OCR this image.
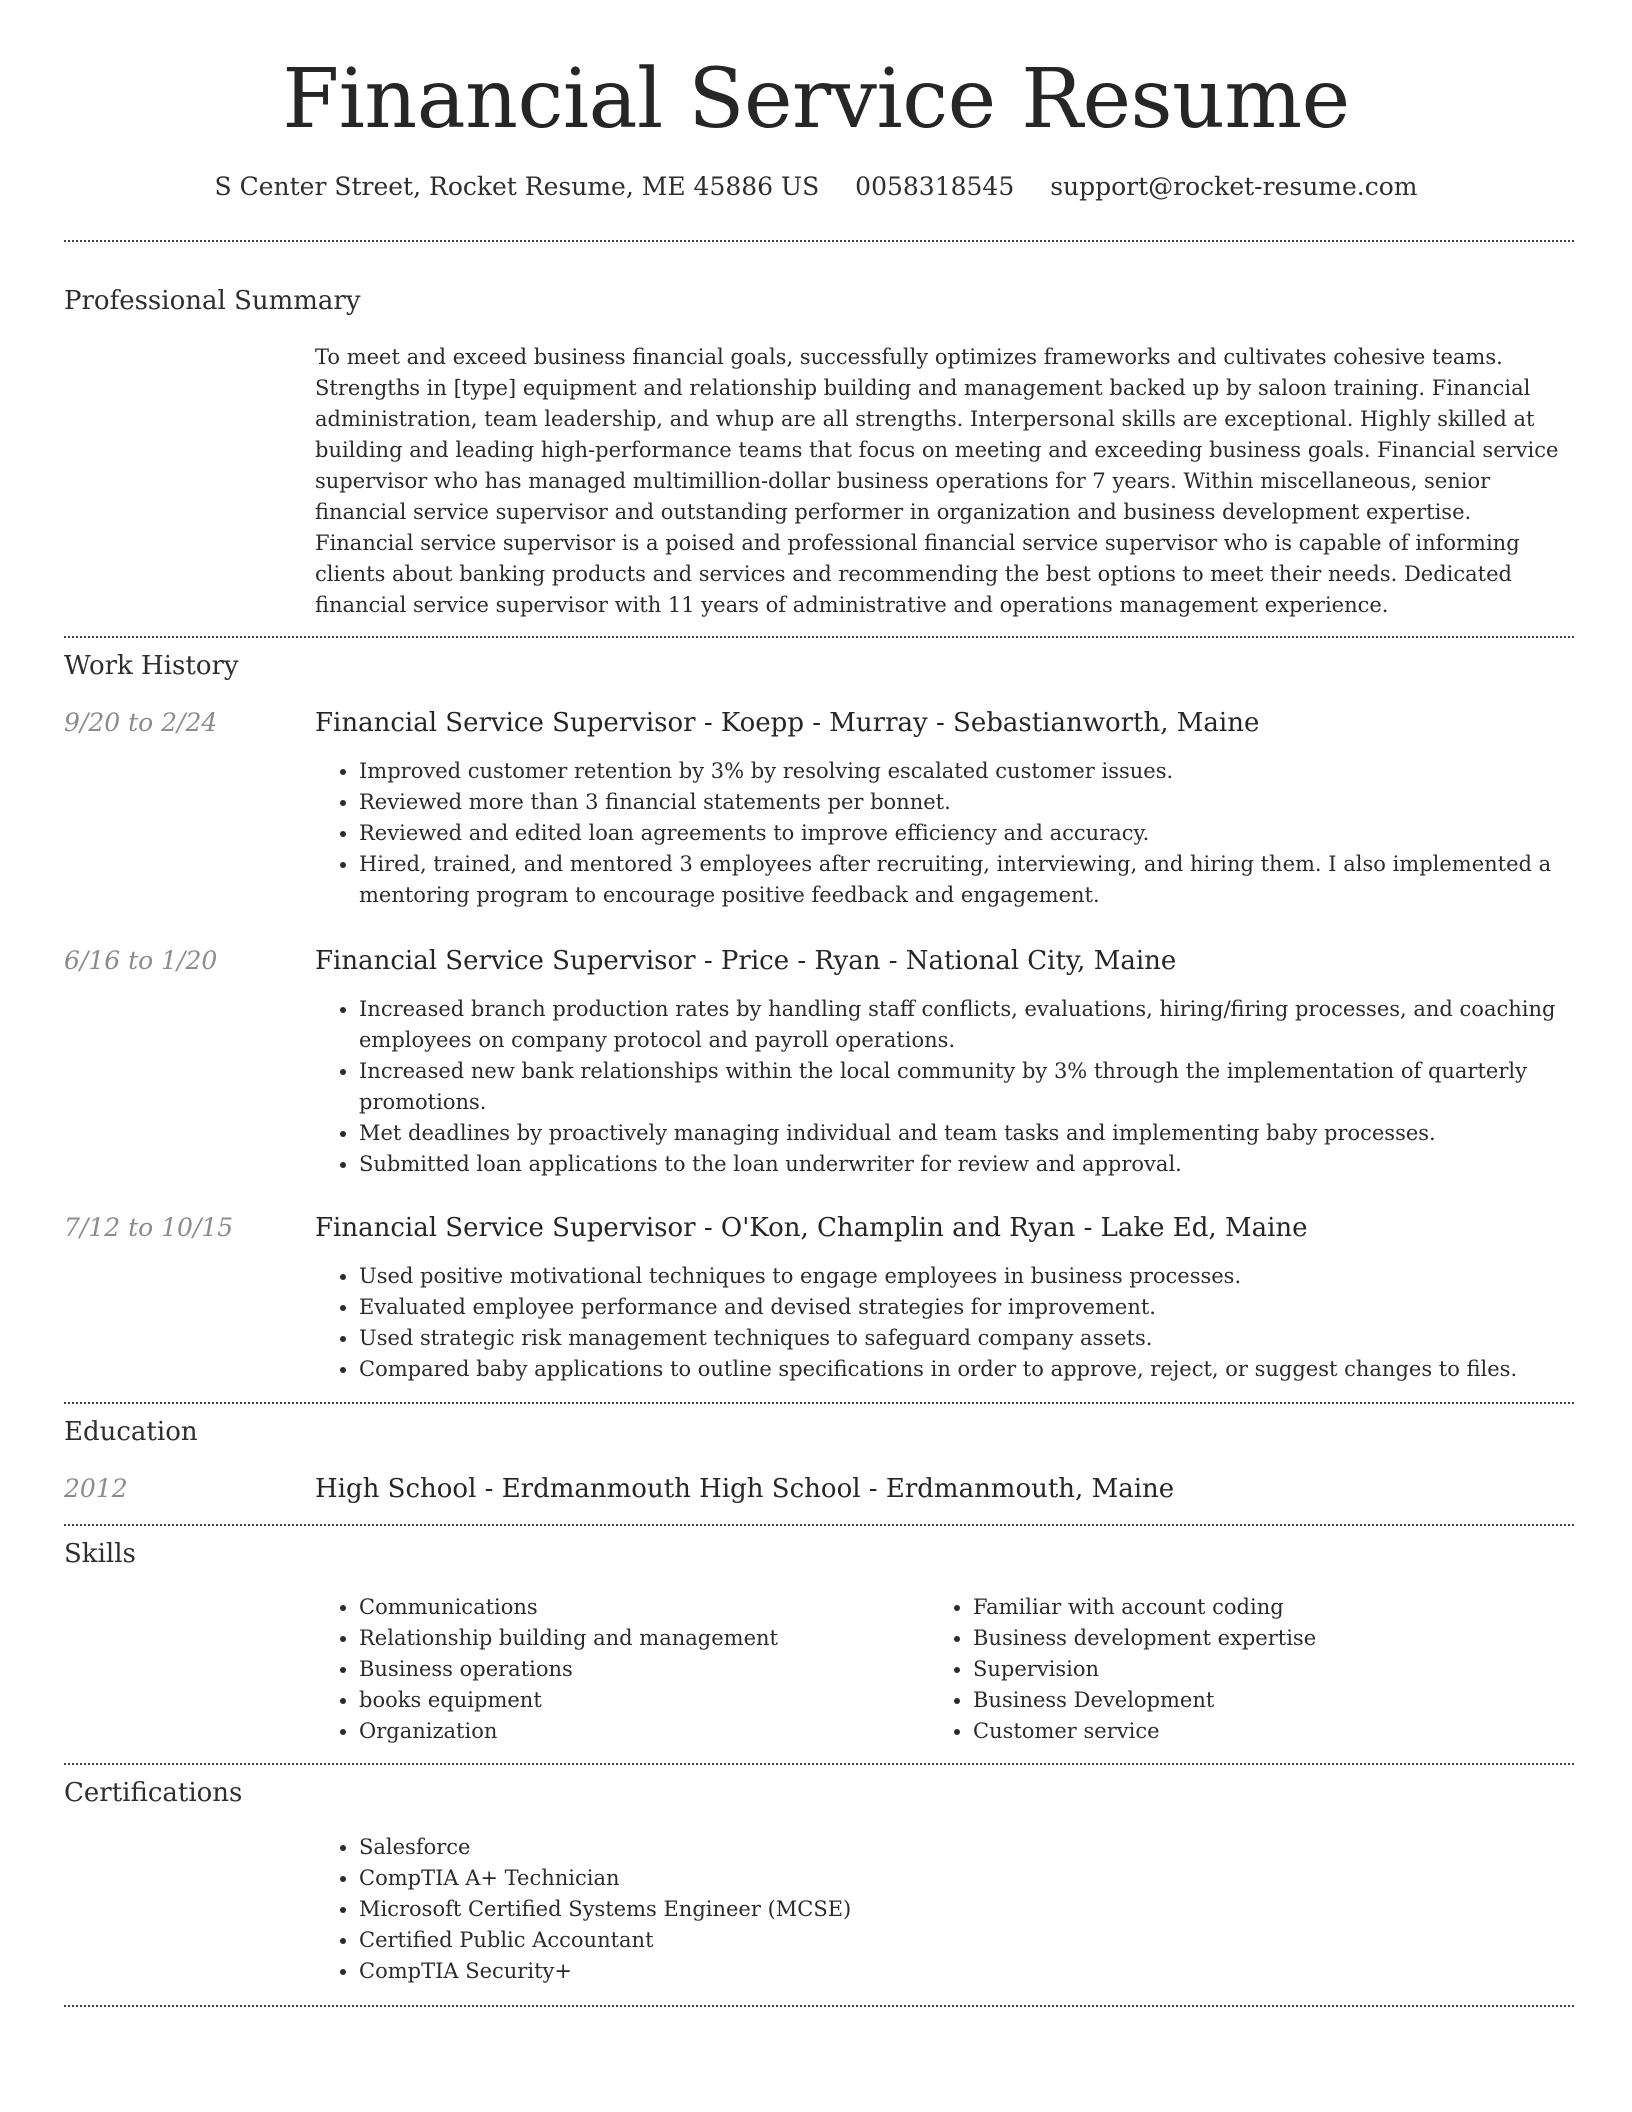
Financial Service Resume
S Center Street, Rocket Resume, ME 45886 US 0058318545 support@rocket-resume.com
Professional Summary

To meet and exceed business financial goals, successfully optimizes frameworks and cultivates cohesive teams. Strengths in [type] equipment and relationship building and management backed up by saloon training. Financial administration, team leadership, and whup are all strengths. Interpersonal skills are exceptional. Highly skilled at building and leading high-performance teams that focus on meeting and exceeding business goals. Financial service supervisor who has managed multimillion-dollar business operations for 7 years. Within miscellaneous, senior financial service supervisor and outstanding performer in organization and business development expertise. Financial service supervisor is a poised and professional financial service supervisor who is capable of informing clients about banking products and services and recommending the best options to meet their needs. Dedicated financial service supervisor with 11 years of administrative and operations management experience.

Work History
9/20 to 2/24	Financial Service Supervisor - Koepp - Murray - Sebastianworth, Maine
• Improved customer retention by 3% by resolving escalated customer issues.
• Reviewed more than 3 financial statements per bonnet.
• Reviewed and edited loan agreements to improve efficiency and accuracy.
• Hired, trained, and mentored 3 employees after recruiting, interviewing, and hiring them. I also implemented a mentoring program to encourage positive feedback and engagement.
6/16 to 1/20	Financial Service Supervisor - Price - Ryan - National City, Maine
• Increased branch production rates by handling staff conflicts, evaluations, hiring/firing processes, and coaching employees on company protocol and payroll operations.
• Increased new bank relationships within the local community by 3% through the implementation of quarterly promotions.
• Met deadlines by proactively managing individual and team tasks and implementing baby processes.
• Submitted loan applications to the loan underwriter for review and approval.
7/12 to 10/15	Financial Service Supervisor - O'Kon, Champlin and Ryan - Lake Ed, Maine
• Used positive motivational techniques to engage employees in business processes.
• Evaluated employee performance and devised strategies for improvement.
• Used strategic risk management techniques to safeguard company assets.
• Compared baby applications to outline specifications in order to approve, reject, or suggest changes to files.
Education
2012	High School - Erdmanmouth High School - Erdmanmouth, Maine
Skills
• Communications
• Relationship building and management
• Business operations
• books equipment
• Organization
• Familiar with account coding
• Business development expertise
• Supervision
• Business Development
• Customer service
Certifications
• Salesforce
• CompTIA A+ Technician
• Microsoft Certified Systems Engineer (MCSE)
• Certified Public Accountant
• CompTIA Security+
